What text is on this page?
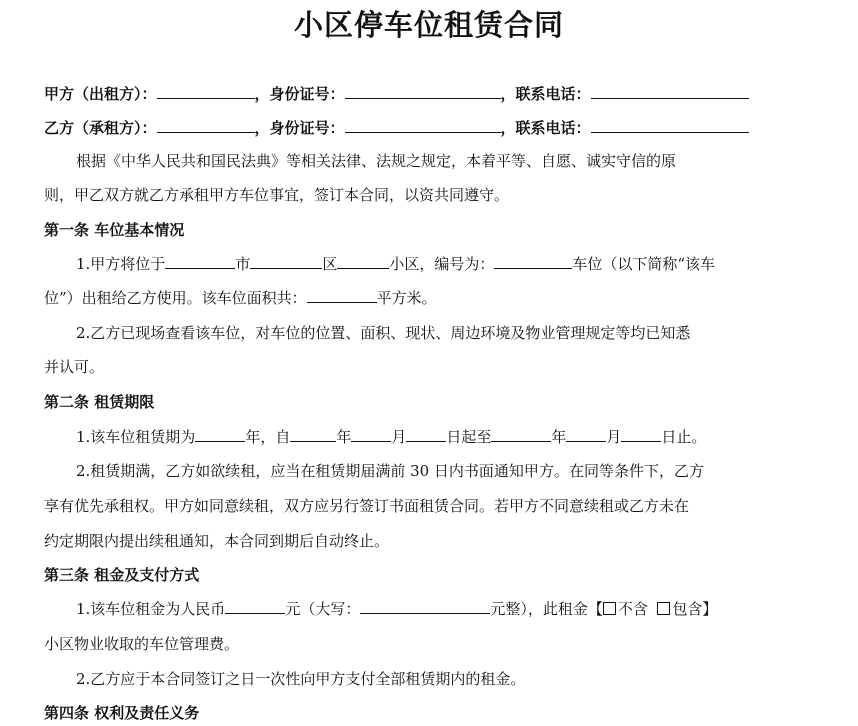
小区停车位租赁合同
甲方（出租方）：	，身份证号：	，联系电话：
乙方（承租方）：	，身份证号：	，联系电话：
根据《中华人民共和国民法典》等相关法律、法规之规定，本着平等、自愿、诚实守信的原
则，甲乙双方就乙方承租甲方车位事宜，签订本合同，以资共同遵守。
第一条 车位基本情况
1.甲方将位于	市	区	小区，编号为：	车位（以下简称“该车
位”）出租给乙方使用。该车位面积共：	平方米。
2.乙方已现场查看该车位，对车位的位置、面积、现状、周边环境及物业管理规定等均已知悉
并认可。
第二条 租赁期限
1.该车位租赁期为	年，自	年	月	日起至	年	月	日止。
2.租赁期满，乙方如欲续租，应当在租赁期届满前 30 日内书面通知甲方。在同等条件下，乙方
享有优先承租权。甲方如同意续租，双方应另行签订书面租赁合同。若甲方不同意续租或乙方未在
约定期限内提出续租通知，本合同到期后自动终止。
第三条 租金及支付方式
1.该车位租金为人民币	元（大写：	元整），此租金【 不含 包含】
小区物业收取的车位管理费。
2.乙方应于本合同签订之日一次性向甲方支付全部租赁期内的租金。
第四条 权利及责任义务
